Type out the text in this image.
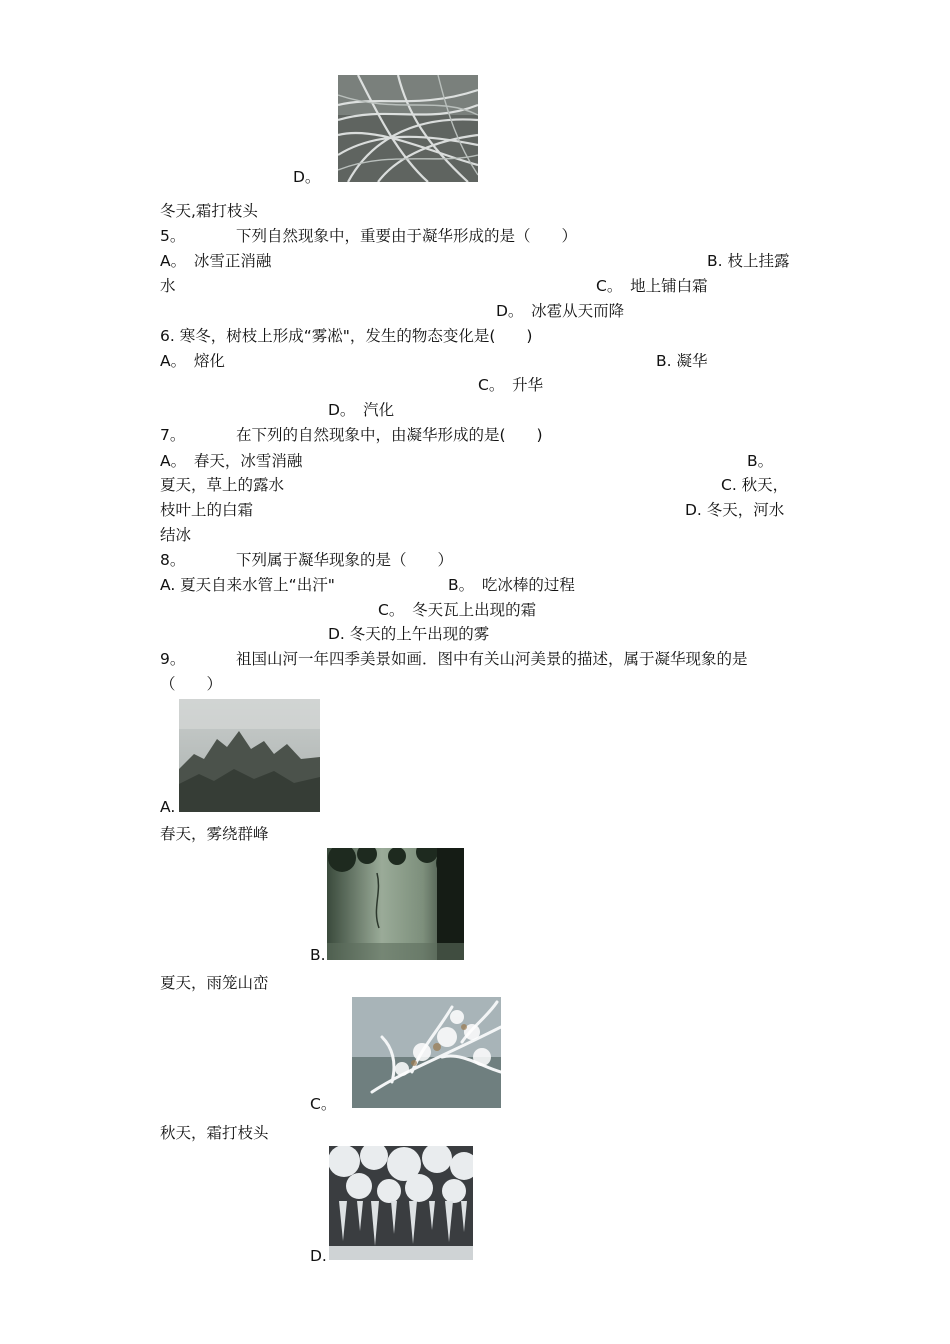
D。
冬天,霜打枝头
5。	下列自然现象中，重要由于凝华形成的是（　　）
A。　冰雪正消融	B. 枝上挂露
水	C。　地上铺白霜
D。　冰雹从天而降
6. 寒冬，树枝上形成“雾凇"，发生的物态变化是(　　)
A。　熔化	B. 凝华
C。　升华
D。　汽化
7。	在下列的自然现象中，由凝华形成的是(　　)
A。　春天，冰雪消融	B。
夏天，草上的露水	C. 秋天，
枝叶上的白霜	D. 冬天，河水
结冰
8。	下列属于凝华现象的是（　　）
A. 夏天自来水管上“出汗"	B。　吃冰棒的过程
C。　冬天瓦上出现的霜
D. 冬天的上午出现的雾
9。	祖国山河一年四季美景如画．图中有关山河美景的描述，属于凝华现象的是
（　　）
A.
春天，雾绕群峰
B.
夏天，雨笼山峦
C。
秋天，霜打枝头
D.
